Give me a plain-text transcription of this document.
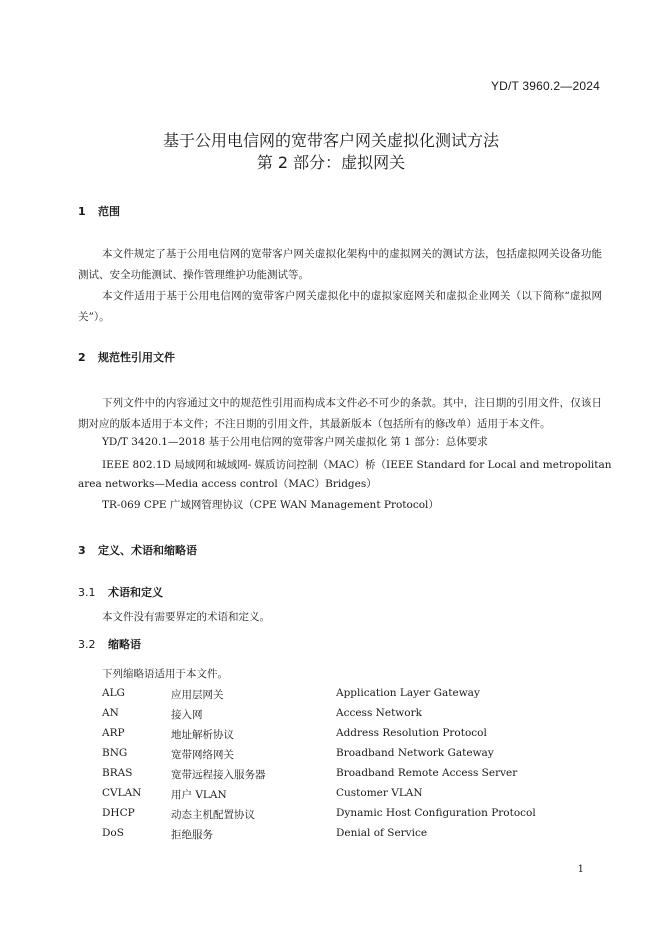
YD/T 3960.2—2024
基于公用电信网的宽带客户网关虚拟化测试方法
第 2 部分：虚拟网关
1 范围

本文件规定了基于公用电信网的宽带客户网关虚拟化架构中的虚拟网关的测试方法，包括虚拟网关设备功能测试、安全功能测试、操作管理维护功能测试等。

本文件适用于基于公用电信网的宽带客户网关虚拟化中的虚拟家庭网关和虚拟企业网关（以下简称“虚拟网关”）。

2 规范性引用文件

下列文件中的内容通过文中的规范性引用而构成本文件必不可少的条款。其中，注日期的引用文件，仅该日期对应的版本适用于本文件；不注日期的引用文件，其最新版本（包括所有的修改单）适用于本文件。

YD/T 3420.1—2018 基于公用电信网的宽带客户网关虚拟化 第 1 部分：总体要求
IEEE 802.1D 局域网和城域网- 媒质访问控制（MAC）桥（IEEE Standard for Local and metropolitan
area networks—Media access control（MAC）Bridges）
TR-069 CPE 广域网管理协议（CPE WAN Management Protocol）
3 定义、术语和缩略语
3.1 术语和定义
本文件没有需要界定的术语和定义。
3.2 缩略语
下列缩略语适用于本文件。
ALG	应用层网关	Application Layer Gateway
AN	接入网	Access Network
ARP	地址解析协议	Address Resolution Protocol
BNG	宽带网络网关	Broadband Network Gateway
BRAS	宽带远程接入服务器	Broadband Remote Access Server
CVLAN	用户 VLAN	Customer VLAN
DHCP	动态主机配置协议	Dynamic Host Configuration Protocol
DoS	拒绝服务	Denial of Service
1
